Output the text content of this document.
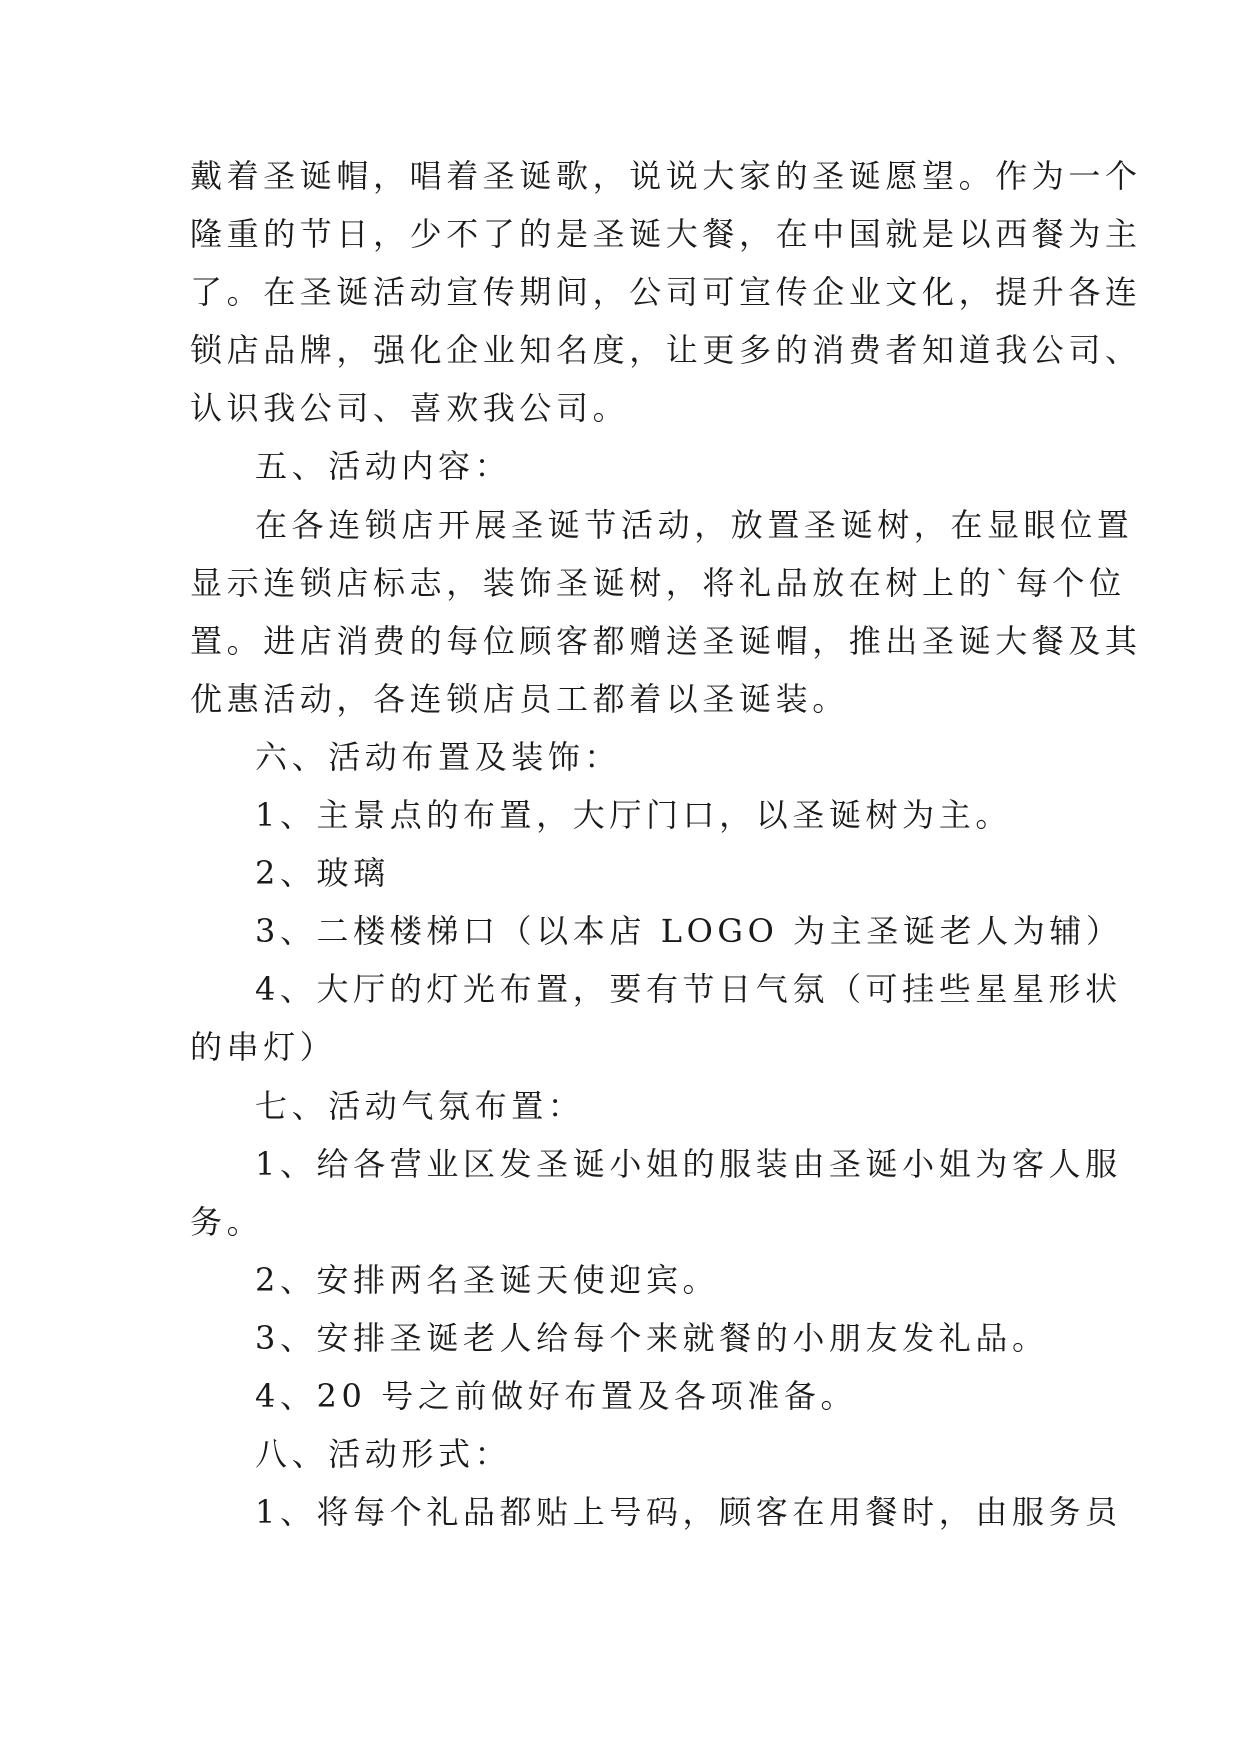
戴着圣诞帽，唱着圣诞歌，说说大家的圣诞愿望。作为一个
隆重的节日，少不了的是圣诞大餐，在中国就是以西餐为主
了。在圣诞活动宣传期间，公司可宣传企业文化，提升各连
锁店品牌，强化企业知名度，让更多的消费者知道我公司、
认识我公司、喜欢我公司。
五、活动内容：
在各连锁店开展圣诞节活动，放置圣诞树，在显眼位置
显示连锁店标志，装饰圣诞树，将礼品放在树上的`每个位
置。进店消费的每位顾客都赠送圣诞帽，推出圣诞大餐及其
优惠活动，各连锁店员工都着以圣诞装。
六、活动布置及装饰：
1、主景点的布置，大厅门口，以圣诞树为主。
2、玻璃
3、二楼楼梯口（以本店 LOGO 为主圣诞老人为辅）
4、大厅的灯光布置，要有节日气氛（可挂些星星形状
的串灯）
七、活动气氛布置：
1、给各营业区发圣诞小姐的服装由圣诞小姐为客人服
务。
2、安排两名圣诞天使迎宾。
3、安排圣诞老人给每个来就餐的小朋友发礼品。
4、20 号之前做好布置及各项准备。
八、活动形式：
1、将每个礼品都贴上号码，顾客在用餐时，由服务员
